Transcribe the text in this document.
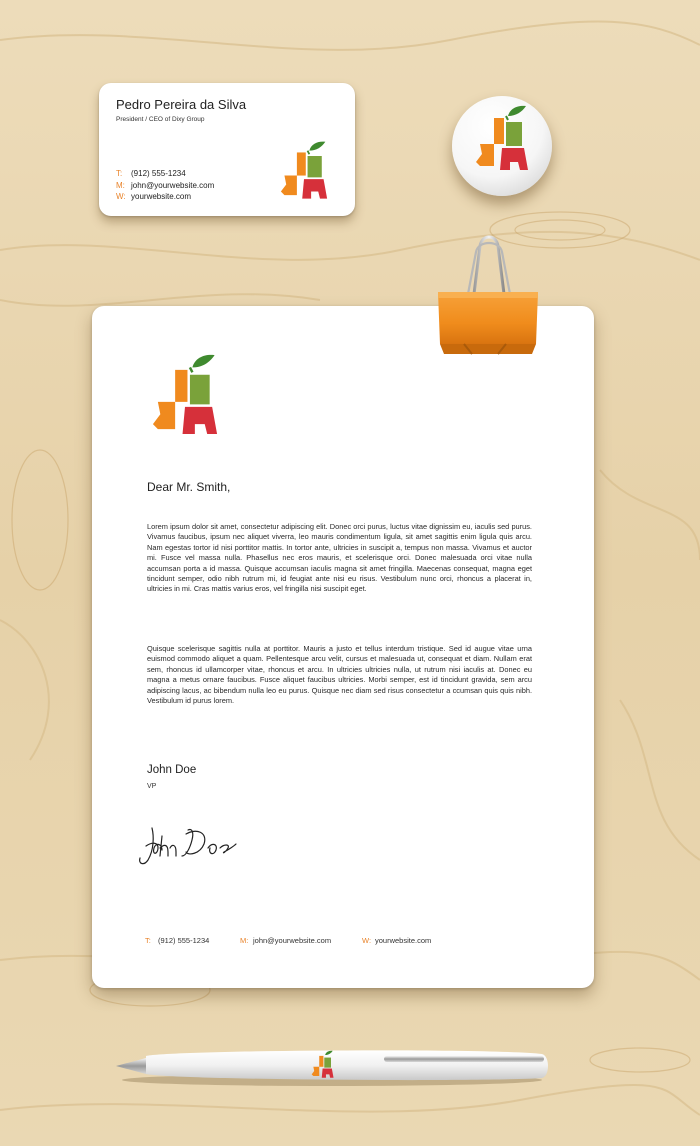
Pedro Pereira da Silva
President / CEO of Dixy Group
T: (912) 555-1234
M: john@yourwebsite.com
W: yourwebsite.com
Dear Mr. Smith,

Lorem ipsum dolor sit amet, consectetur adipiscing elit. Donec orci purus, luctus vitae dignissim eu, iaculis sed purus. Vivamus faucibus, ipsum nec aliquet viverra, leo mauris condimentum ligula, sit amet sagittis enim ligula quis arcu. Nam egestas tortor id nisi porttitor mattis. In tortor ante, ultricies in suscipit a, tempus non massa. Vivamus et auctor mi. Fusce vel massa nulla. Phasellus nec eros mauris, et scelerisque orci. Donec malesuada orci vitae nulla accumsan porta a id massa. Quisque accumsan iaculis magna sit amet fringilla. Maecenas consequat, magna eget tincidunt semper, odio nibh rutrum mi, id feugiat ante nisi eu risus. Vestibulum nunc orci, rhoncus a placerat in, ultricies in mi. Cras mattis varius eros, vel fringilla nisi suscipit eget.

Quisque scelerisque sagittis nulla at porttitor. Mauris a justo et tellus interdum tristique. Sed id augue vitae urna euismod commodo aliquet a quam. Pellentesque arcu velit, cursus et malesuada ut, consequat et diam. Nullam erat sem, rhoncus id ullamcorper vitae, rhoncus et arcu. In ultricies ultricies nulla, ut rutrum nisi iaculis at. Donec eu magna a metus ornare faucibus. Fusce aliquet faucibus ultricies. Morbi semper, est id tincidunt gravida, sem arcu adipiscing lacus, ac bibendum nulla leo eu purus. Quisque nec diam sed risus consectetur a ccumsan quis quis nibh. Vestibulum id purus lorem.

John Doe
VP
T: (912) 555-1234	M: john@yourwebsite.com	W: yourwebsite.com
